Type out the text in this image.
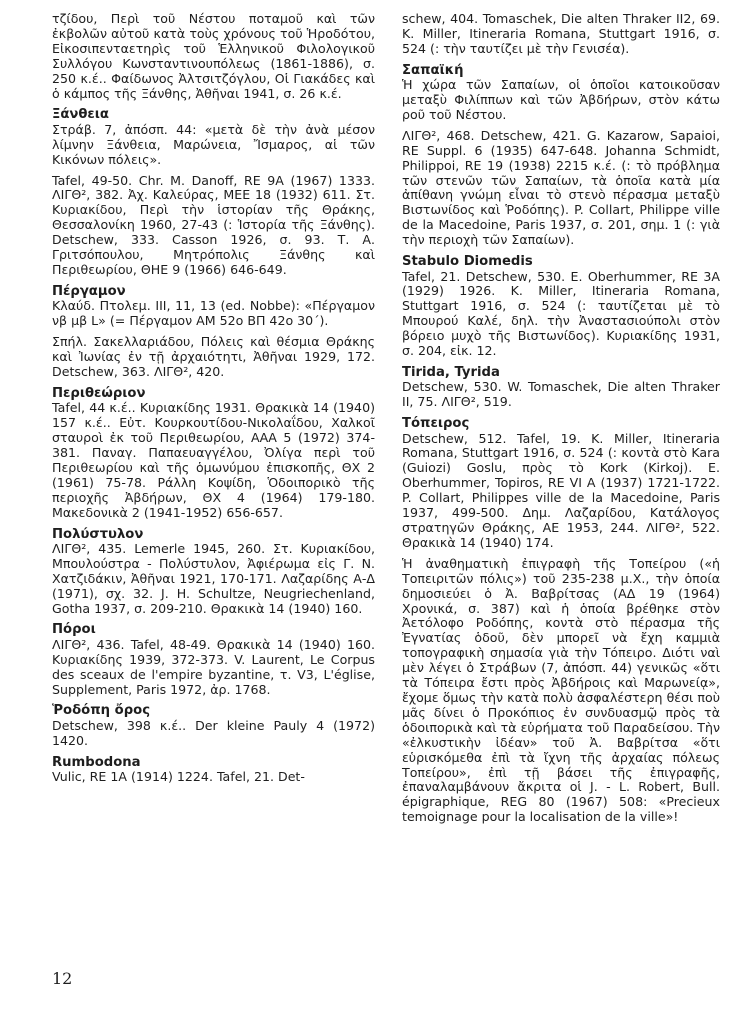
τζίδου, Περὶ τοῦ Νέστου ποταμοῦ καὶ τῶν ἐκβολῶν αὐτοῦ κατὰ τοὺς χρόνους τοῦ Ἡροδότου, Εἰκοσιπενταετηρὶς τοῦ Ἑλληνικοῦ Φιλολογικοῦ Συλλόγου Κωνσταντινουπόλεως (1861-1886), σ. 250 κ.έ.. Φαίδωνος Ἀλτσιτζόγλου, Οἱ Γιακάδες καὶ ὁ κάμπος τῆς Ξάνθης, Ἀθῆναι 1941, σ. 26 κ.έ.
Ξάνθεια
Στράβ. 7, ἀπόσπ. 44: «μετὰ δὲ τὴν ἀνὰ μέσον λίμνην Ξάνθεια, Μαρώνεια, Ἴσμαρος, αἱ τῶν Κικόνων πόλεις».
Tafel, 49-50. Chr. M. Danoff, RE 9A (1967) 1333. ΛΙΓΘ², 382. Ἀχ. Καλεύρας, ΜΕΕ 18 (1932) 611. Στ. Κυριακίδου, Περὶ τὴν ἱστορίαν τῆς Θράκης, Θεσσαλονίκη 1960, 27-43 (: Ἱστορία τῆς Ξάνθης). Detschew, 333. Casson 1926, σ. 93. Τ. Α. Γριτσόπουλου, Μητρόπολις Ξάνθης καὶ Περιθεωρίου, ΘΗΕ 9 (1966) 646-649.
Πέργαμον
Κλαύδ. Πτολεμ. III, 11, 13 (ed. Nobbe): «Πέργαμον νβ μβ L» (= Πέργαμον ΑΜ 52ο ΒΠ 42ο 30΄).
Σπήλ. Σακελλαριάδου, Πόλεις καὶ θέσμια Θράκης καὶ Ἰωνίας ἐν τῇ ἀρχαιότητι, Ἀθῆναι 1929, 172. Detschew, 363. ΛΙΓΘ², 420.
Περιθεώριον
Tafel, 44 κ.έ.. Κυριακίδης 1931. Θρακικὰ 14 (1940) 157 κ.έ.. Εὐτ. Κουρκουτίδου-Νικολαΐδου, Χαλκοῖ σταυροὶ ἐκ τοῦ Περιθεωρίου, ΑΑΑ 5 (1972) 374-381. Παναγ. Παπαευαγγέλου, Ὀλίγα περὶ τοῦ Περιθεωρίου καὶ τῆς ὁμωνύμου ἐπισκοπῆς, ΘΧ 2 (1961) 75-78. Ράλλη Κοψίδη, Ὁδοιπορικὸ τῆς περιοχῆς Ἀβδήρων, ΘΧ 4 (1964) 179-180. Μακεδονικὰ 2 (1941-1952) 656-657.
Πολύστυλον
ΛΙΓΘ², 435. Lemerle 1945, 260. Στ. Κυριακίδου, Μπουλούστρα - Πολύστυλον, Ἀφιέρωμα εἰς Γ. Ν. Χατζιδάκιν, Ἀθῆναι 1921, 170-171. Λαζαρίδης Α-Δ (1971), σχ. 32. J. H. Schultze, Neugriechenland, Gotha 1937, σ. 209-210. Θρακικὰ 14 (1940) 160.
Πόροι
ΛΙΓΘ², 436. Tafel, 48-49. Θρακικὰ 14 (1940) 160. Κυριακίδης 1939, 372-373. V. Laurent, Le Corpus des sceaux de l'empire byzantine, τ. V3, L'église, Supplement, Paris 1972, ἀρ. 1768.
Ῥοδόπη ὄρος
Detschew, 398 κ.έ.. Der kleine Pauly 4 (1972) 1420.
Rumbodona
Vulic, RE 1A (1914) 1224. Tafel, 21. Det-
schew, 404. Tomaschek, Die alten Thraker II2, 69. K. Miller, Itineraria Romana, Stuttgart 1916, σ. 524 (: τὴν ταυτίζει μὲ τὴν Γενισέα).
Σαπαϊκή
Ἡ χώρα τῶν Σαπαίων, οἱ ὁποῖοι κατοικοῦσαν μεταξὺ Φιλίππων καὶ τῶν Ἀβδήρων, στὸν κάτω ροῦ τοῦ Νέστου.
ΛΙΓΘ², 468. Detschew, 421. G. Kazarow, Sapaioi, RE Suppl. 6 (1935) 647-648. Johanna Schmidt, Philippoi, RE 19 (1938) 2215 κ.έ. (: τὸ πρόβλημα τῶν στενῶν τῶν Σαπαίων, τὰ ὁποῖα κατὰ μία ἀπίθανη γνώμη εἶναι τὸ στενὸ πέρασμα μεταξὺ Βιστωνίδος καὶ Ῥοδόπης). P. Collart, Philippe ville de la Macedoine, Paris 1937, σ. 201, σημ. 1 (: γιὰ τὴν περιοχὴ τῶν Σαπαίων).
Stabulo Diomedis
Tafel, 21. Detschew, 530. E. Oberhummer, RE 3A (1929) 1926. K. Miller, Itineraria Romana, Stuttgart 1916, σ. 524 (: ταυτίζεται μὲ τὸ Μπουρού Καλέ, δηλ. τὴν Ἀναστασιούπολι στὸν βόρειο μυχὸ τῆς Βιστωνίδος). Κυριακίδης 1931, σ. 204, εἰκ. 12.
Tirida, Tyrida
Detschew, 530. W. Tomaschek, Die alten Thraker II, 75. ΛΙΓΘ², 519.
Τόπειρος
Detschew, 512. Tafel, 19. K. Miller, Itineraria Romana, Stuttgart 1916, σ. 524 (: κοντὰ στὸ Kara (Guiozi) Goslu, πρὸς τὸ Kork (Kirkoj). E. Oberhummer, Topiros, RE VI A (1937) 1721-1722. P. Collart, Philippes ville de la Macedoine, Paris 1937, 499-500. Δημ. Λαζαρίδου, Κατάλογος στρατηγῶν Θράκης, ΑΕ 1953, 244. ΛΙΓΘ², 522. Θρακικὰ 14 (1940) 174.
Ἡ ἀναθηματικὴ ἐπιγραφὴ τῆς Τοπείρου («ἡ Τοπειριτῶν πόλις») τοῦ 235-238 μ.Χ., τὴν ὁποία δημοσιεύει ὁ Ἀ. Βαβρίτσας (ΑΔ 19 (1964) Χρονικά, σ. 387) καὶ ἡ ὁποία βρέθηκε στὸν Ἀετόλοφο Ροδόπης, κοντὰ στὸ πέρασμα τῆς Ἐγνατίας ὁδοῦ, δὲν μπορεῖ νὰ ἔχη καμμιὰ τοπογραφικὴ σημασία γιὰ τὴν Τόπειρο. Διότι ναὶ μὲν λέγει ὁ Στράβων (7, ἀπόσπ. 44) γενικῶς «ὅτι τὰ Τόπειρα ἔστι πρὸς Ἀβδήροις καὶ Μαρωνείᾳ», ἔχομε ὅμως τὴν κατὰ πολὺ ἀσφαλέστερη θέσι ποὺ μᾶς δίνει ὁ Προκόπιος ἐν συνδυασμῷ πρὸς τὰ ὁδοιπορικὰ καὶ τὰ εὑρήματα τοῦ Παραδείσου. Τὴν «ἐλκυστικὴν ἰδέαν» τοῦ Ἀ. Βαβρίτσα «ὅτι εὑρισκόμεθα ἐπὶ τὰ ἴχνη τῆς ἀρχαίας πόλεως Τοπείρου», ἐπὶ τῇ βάσει τῆς ἐπιγραφῆς, ἐπαναλαμβάνουν ἄκριτα οἱ J. - L. Robert, Bull. épigraphique, REG 80 (1967) 508: «Precieux temoignage pour la localisation de la ville»!
12
